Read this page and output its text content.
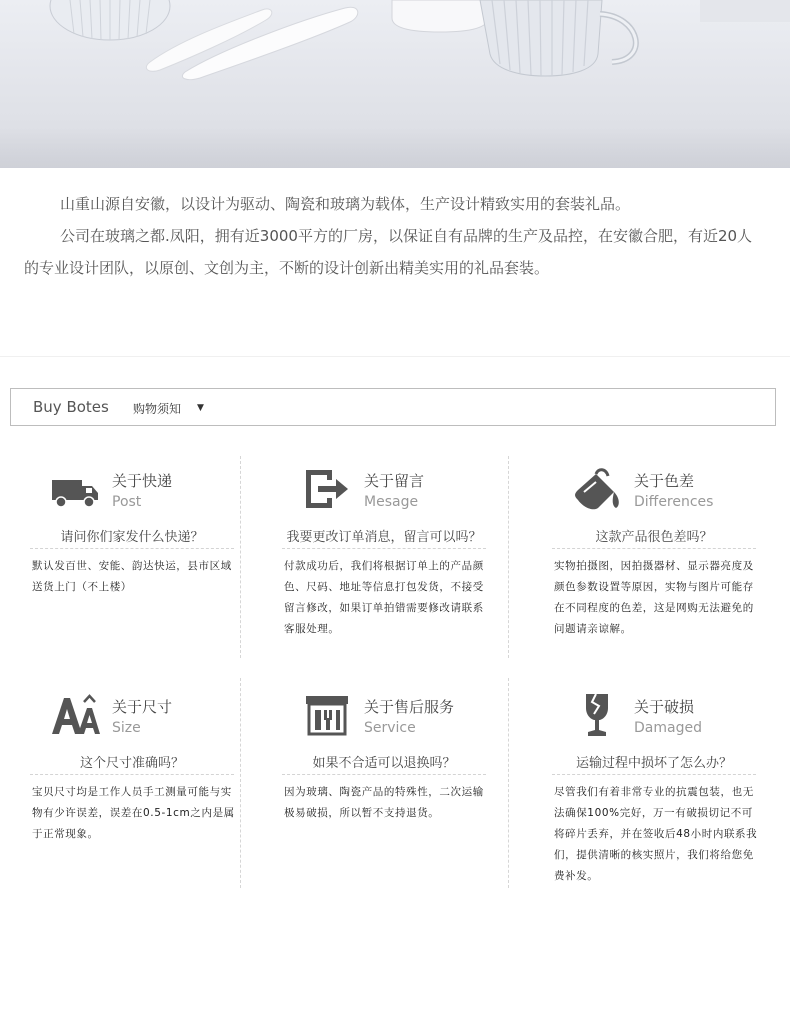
山重山源自安徽，以设计为驱动、陶瓷和玻璃为载体，生产设计精致实用的套装礼品。

公司在玻璃之都.凤阳，拥有近3000平方的厂房，以保证自有品牌的生产及品控，在安徽合肥，有近20人的专业设计团队，以原创、文创为主，不断的设计创新出精美实用的礼品套装。

Buy Botes 购物须知 ▼
关于快递
Post
请问你们家发什么快递？
默认发百世、安能、韵达快运，县市区域送货上门（不上楼）
关于留言
Mesage
我要更改订单消息，留言可以吗？
付款成功后，我们将根据订单上的产品颜色、尺码、地址等信息打包发货，不接受留言修改，如果订单拍错需要修改请联系客服处理。
关于色差
Differences
这款产品很色差吗？
实物拍摄图，因拍摄器材、显示器亮度及颜色参数设置等原因，实物与图片可能存在不同程度的色差，这是网购无法避免的问题请亲谅解。
关于尺寸
Size
这个尺寸准确吗？
宝贝尺寸均是工作人员手工测量可能与实物有少许误差，误差在0.5-1cm之内是属于正常现象。
关于售后服务
Service
如果不合适可以退换吗？
因为玻璃、陶瓷产品的特殊性，二次运输极易破损，所以暂不支持退货。
关于破损
Damaged
运输过程中损坏了怎么办？
尽管我们有着非常专业的抗震包装，也无法确保100%完好，万一有破损切记不可将碎片丢弃，并在签收后48小时内联系我们，提供清晰的核实照片，我们将给您免费补发。
